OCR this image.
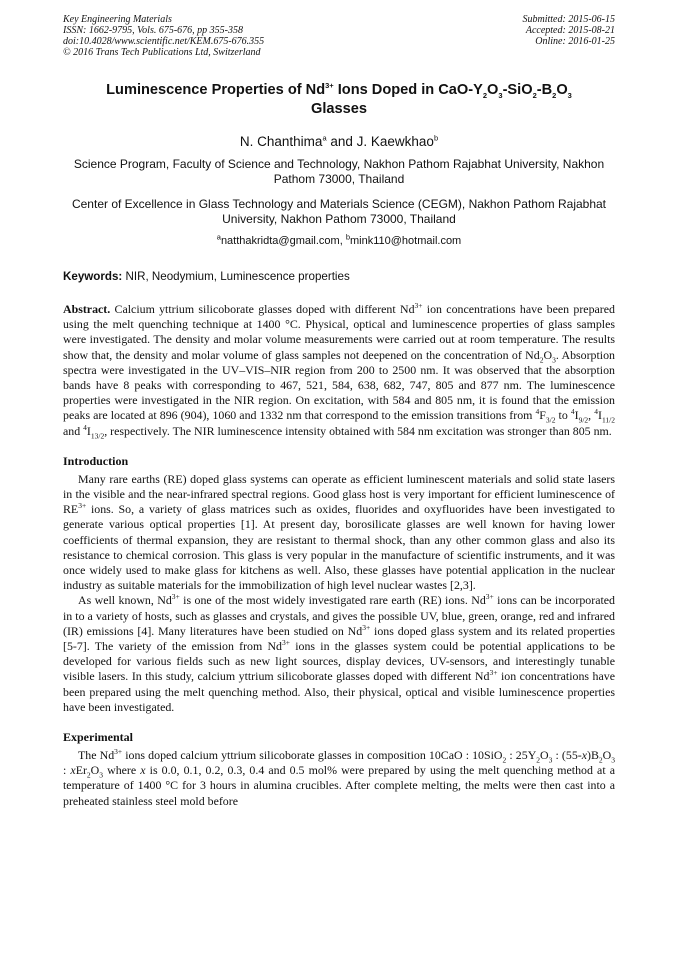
Key Engineering Materials
ISSN: 1662-9795, Vols. 675-676, pp 355-358
doi:10.4028/www.scientific.net/KEM.675-676.355
© 2016 Trans Tech Publications Ltd, Switzerland
Submitted: 2015-06-15
Accepted: 2015-08-21
Online: 2016-01-25
Luminescence Properties of $Nd^{3+}$ Ions Doped in CaO-$Y_2O_3-SiO_2-B_2O_3$
Glasses
N. Chanthima$^a$ and J. Kaewkhao$^b$
Science Program, Faculty of Science and Technology, Nakhon Pathom Rajabhat University, Nakhon Pathom 73000, Thailand
Center of Excellence in Glass Technology and Materials Science (CEGM), Nakhon Pathom Rajabhat University, Nakhon Pathom 73000, Thailand
$^a$natthakridta@gmail.com, $^b$mink110@hotmail.com
Keywords: NIR, Neodymium, Luminescence properties

Abstract. Calcium yttrium silicoborate glasses doped with different $Nd^{3+}$ ion concentrations have been prepared using the melt quenching technique at 1400 °C. Physical, optical and luminescence properties of glass samples were investigated. The density and molar volume measurements were carried out at room temperature. The results show that, the density and molar volume of glass samples not deepened on the concentration of $Nd_2O_3$. Absorption spectra were investigated in the UV–VIS–NIR region from 200 to 2500 nm. It was observed that the absorption bands have 8 peaks with corresponding to 467, 521, 584, 638, 682, 747, 805 and 877 nm. The luminescence properties were investigated in the NIR region. On excitation, with 584 and 805 nm, it is found that the emission peaks are located at 896 (904), 1060 and 1332 nm that correspond to the emission transitions from $^4F_{3/2}$ to $^4I_{9/2}$, $^4I_{11/2}$ and $^4I_{13/2}$, respectively. The NIR luminescence intensity obtained with 584 nm excitation was stronger than 805 nm.

Introduction

Many rare earths (RE) doped glass systems can operate as efficient luminescent materials and solid state lasers in the visible and the near-infrared spectral regions. Good glass host is very important for efficient luminescence of $RE^{3+}$ ions. So, a variety of glass matrices such as oxides, fluorides and oxyfluorides have been investigated to generate various optical properties [1]. At present day, borosilicate glasses are well known for having lower coefficients of thermal expansion, they are resistant to thermal shock, than any other common glass and also its resistance to chemical corrosion. This glass is very popular in the manufacture of scientific instruments, and it was once widely used to make glass for kitchens as well. Also, these glasses have potential application in the nuclear industry as suitable materials for the immobilization of high level nuclear wastes [2,3].

As well known, $Nd^{3+}$ is one of the most widely investigated rare earth (RE) ions. $Nd^{3+}$ ions can be incorporated in to a variety of hosts, such as glasses and crystals, and gives the possible UV, blue, green, orange, red and infrared (IR) emissions [4]. Many literatures have been studied on $Nd^{3+}$ ions doped glass system and its related properties [5-7]. The variety of the emission from $Nd^{3+}$ ions in the glasses system could be potential applications to be developed for various fields such as new light sources, display devices, UV-sensors, and interestingly tunable visible lasers. In this study, calcium yttrium silicoborate glasses doped with different $Nd^{3+}$ ion concentrations have been prepared using the melt quenching method. Also, their physical, optical and visible luminescence properties have been investigated.

Experimental

The $Nd^{3+}$ ions doped calcium yttrium silicoborate glasses in composition 10CaO : 10SiO$_2$ : $25Y_2O_3$ : $(55-x)B_2O_3$ : $xEr_2O_3$ where x is 0.0, 0.1, 0.2, 0.3, 0.4 and 0.5 mol% were prepared by using the melt quenching method at a temperature of 1400 °C for 3 hours in alumina crucibles. After complete melting, the melts were then cast into a preheated stainless steel mold before
